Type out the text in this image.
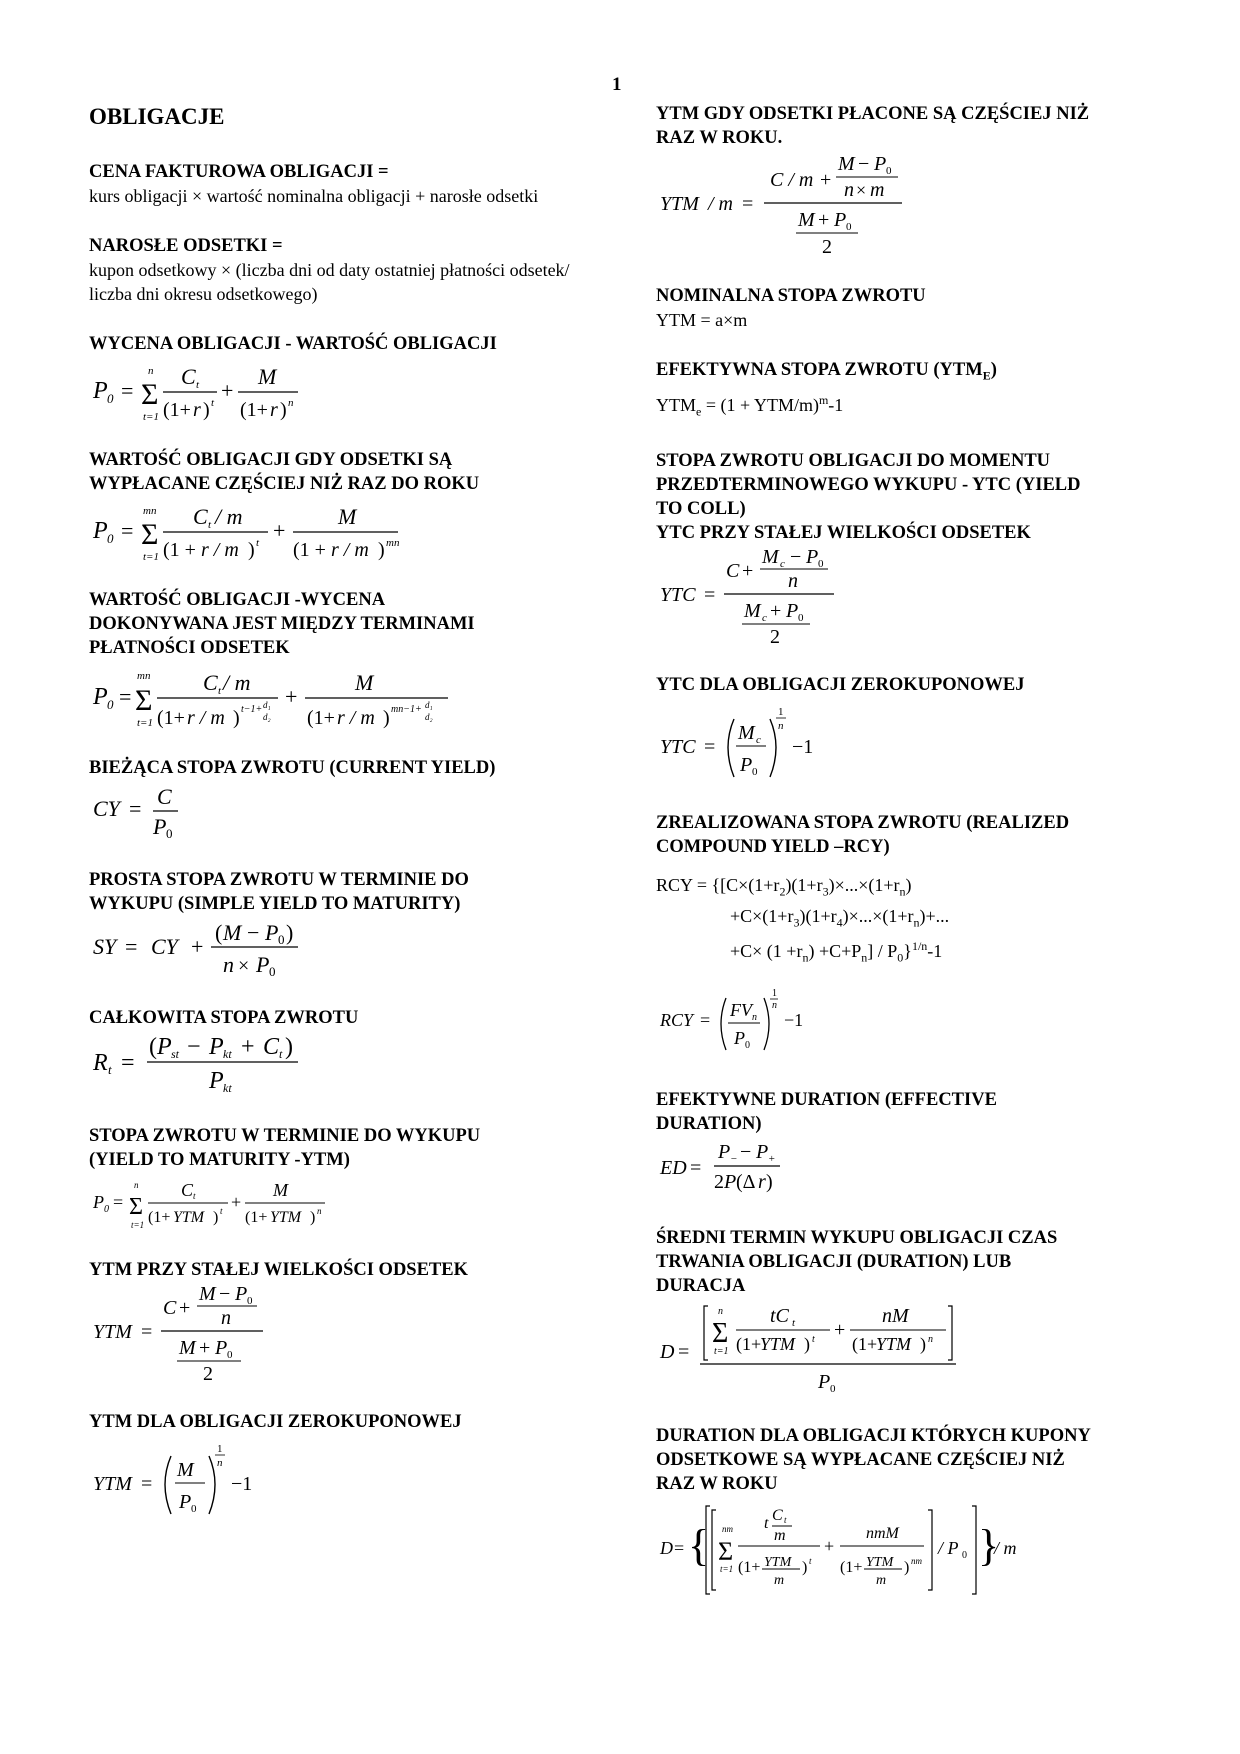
1
OBLIGACJE
CENA FAKTUROWA OBLIGACJI =
kurs obligacji × wartość nominalna obligacji + narosłe odsetki
NAROSŁE ODSETKI =
kupon odsetkowy × (liczba dni od daty ostatniej płatności odsetek/ liczba dni okresu odsetkowego)
WYCENA OBLIGACJI - WARTOŚĆ OBLIGACJI
P 0 = Σ
n
t=1
C t
(1+ r ) t +
M
(1+ r ) n
WARTOŚĆ OBLIGACJI GDY ODSETKI SĄ
WYPŁACANE CZĘŚCIEJ NIŻ RAZ DO ROKU
P 0 = Σ
mn
t=1
C t / m
(1 + r / m ) t +
M
(1 + r / m ) mn
WARTOŚĆ OBLIGACJI -WYCENA
DOKONYWANA JEST MIĘDZY TERMINAMI
PŁATNOŚCI ODSETEK
P 0 = Σ
mn
t=1
C t / m
(1+ r / m ) t−1+ d₁
d₂
+
M
(1+ r / m ) mn−1+ d₁
d₂
BIEŻĄCA STOPA ZWROTU (CURRENT YIELD)
CY = C
P 0
PROSTA STOPA ZWROTU W TERMINIE DO
WYKUPU (SIMPLE YIELD TO MATURITY)
SY = CY +
( M − P 0 )
n × P 0
CAŁKOWITA STOPA ZWROTU
R t =
( P st − P kt + C t )
P kt
STOPA ZWROTU W TERMINIE DO WYKUPU
(YIELD TO MATURITY -YTM)
P 0 = Σ
n
t=1
C t
(1+ YTM ) t +
M
(1+ YTM ) n
YTM PRZY STAŁEJ WIELKOŚCI ODSETEK
YTM =
C +
M − P 0
n
M + P 0
2
YTM DLA OBLIGACJI ZEROKUPONOWEJ
YTM =
M
P 0
1
n
−1
YTM GDY ODSETKI PŁACONE SĄ CZĘŚCIEJ NIŻ
RAZ W ROKU.
YTM / m =
C / m +
M − P 0
n × m
M + P 0
2
NOMINALNA STOPA ZWROTU
YTM = a×m
EFEKTYWNA STOPA ZWROTU $(YTM_E)$
$YTM_e = (1 + YTM/m)^m-1$
STOPA ZWROTU OBLIGACJI DO MOMENTU
PRZEDTERMINOWEGO WYKUPU - YTC (YIELD
TO COLL)
YTC PRZY STAŁEJ WIELKOŚCI ODSETEK
YTC =
C +
M c − P 0
n
M c + P 0
2
YTC DLA OBLIGACJI ZEROKUPONOWEJ
YTC =
M c
P 0
1
n
−1
ZREALIZOWANA STOPA ZWROTU (REALIZED
COMPOUND YIELD –RCY)
RCY = {[$C\times(1+r_2)(1+r_3)\times...\times(1+r_n)$
$+C\times(1+r_3)(1+r_4)\times...\times(1+r_n)+$...
$+C\times (1 +r_n) +C+P_n] / P_0\}^{1/n}-1$
RCY = FV n
P 0
1
n
−1
EFEKTYWNE DURATION (EFFECTIVE
DURATION)
ED =
P − − P +
2 P (Δ r )
ŚREDNI TERMIN WYKUPU OBLIGACJI CZAS
TRWANIA OBLIGACJI (DURATION) LUB
DURACJA
D =
Σ
n
t=1
tC t
(1+
YTM ) t +
nM
(1+
YTM ) n
P 0
DURATION DLA OBLIGACJI KTÓRYCH KUPONY
ODSETKOWE SĄ WYPŁACANE CZĘŚCIEJ NIŻ
RAZ W ROKU
D = { Σ
nm
t=1
t C t
m
(1+ YTM
m
) t
+
nmM
(1+ YTM
m
) nm
/ P 0 }
/ m
